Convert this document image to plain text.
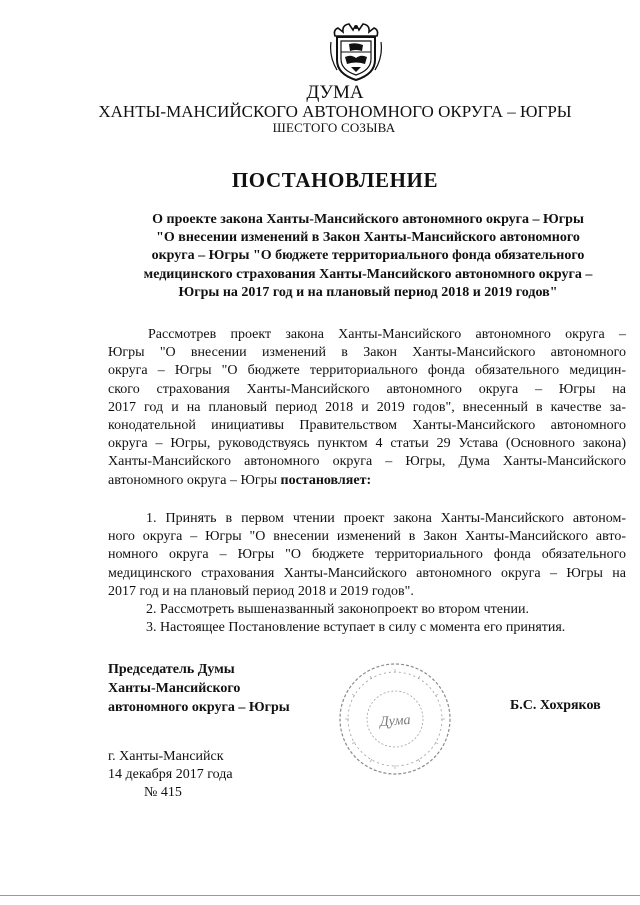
ДУМА
ХАНТЫ-МАНСИЙСКОГО АВТОНОМНОГО ОКРУГА – ЮГРЫ
ШЕСТОГО СОЗЫВА
ПОСТАНОВЛЕНИЕ
О проекте закона Ханты-Мансийского автономного округа – Югры
"О внесении изменений в Закон Ханты-Мансийского автономного
округа – Югры "О бюджете территориального фонда обязательного
медицинского страхования Ханты-Мансийского автономного округа –
Югры на 2017 год и на плановый период 2018 и 2019 годов"
Рассмотрев проект закона Ханты-Мансийского автономного округа –
Югры "О внесении изменений в Закон Ханты-Мансийского автономного
округа – Югры "О бюджете территориального фонда обязательного медицин-
ского страхования Ханты-Мансийского автономного округа – Югры на
2017 год и на плановый период 2018 и 2019 годов", внесенный в качестве за-
конодательной инициативы Правительством Ханты-Мансийского автономного
округа – Югры, руководствуясь пунктом 4 статьи 29 Устава (Основного закона)
Ханты-Мансийского автономного округа – Югры, Дума Ханты-Мансийского
автономного округа – Югры постановляет:
1. Принять в первом чтении проект закона Ханты-Мансийского автоном-
ного округа – Югры "О внесении изменений в Закон Ханты-Мансийского авто-
номного округа – Югры "О бюджете территориального фонда обязательного
медицинского страхования Ханты-Мансийского автономного округа – Югры на
2017 год и на плановый период 2018 и 2019 годов".
2. Рассмотреть вышеназванный законопроект во втором чтении.
3. Настоящее Постановление вступает в силу с момента его принятия.
Председатель Думы
Ханты-Мансийского
автономного округа – Югры
Дума
Б.С. Хохряков
г. Ханты-Мансийск
14 декабря 2017 года
№ 415
